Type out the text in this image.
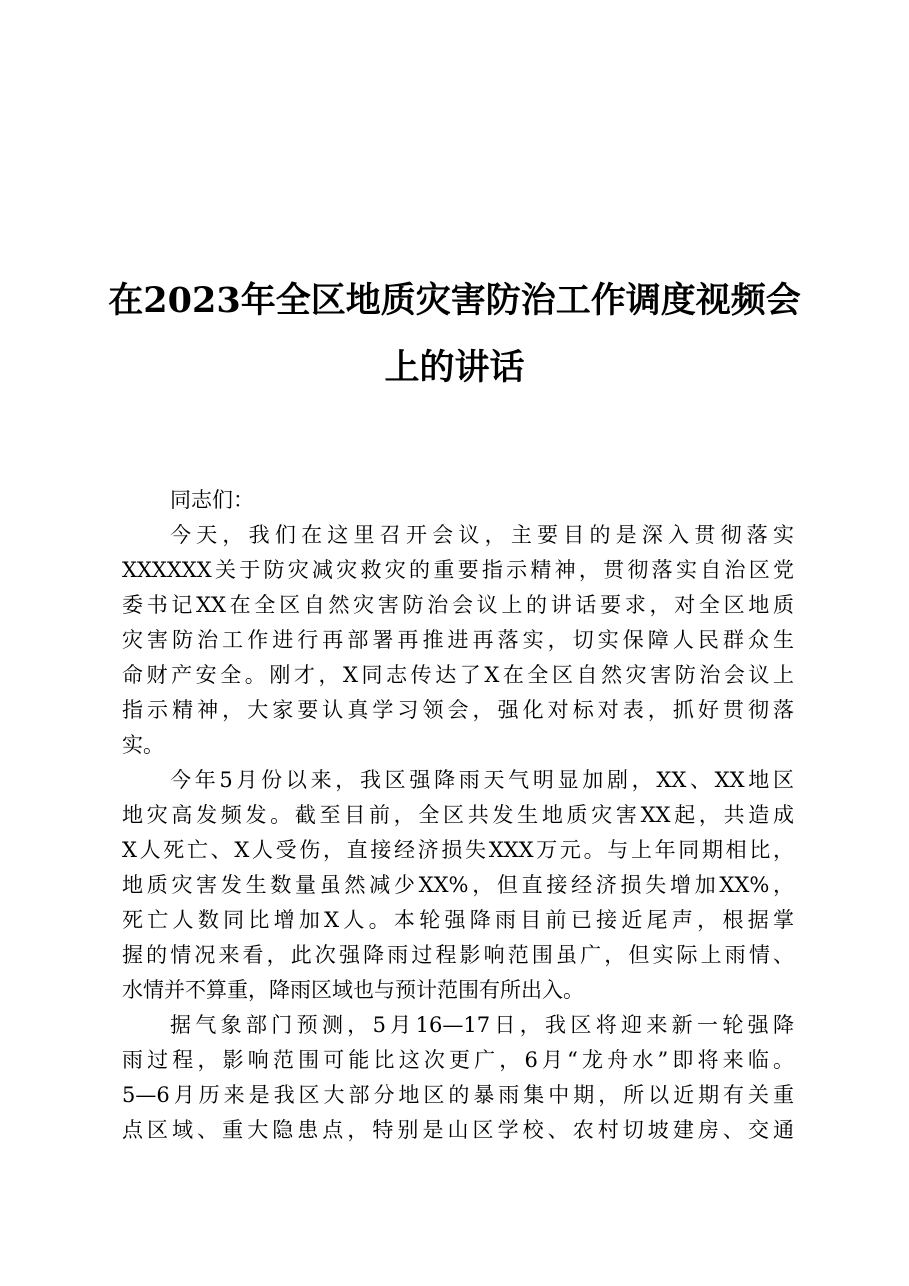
在2023年全区地质灾害防治工作调度视频会
上的讲话
同志们：
今天，我们在这里召开会议，主要目的是深入贯彻落实
XXXXXX关于防灾减灾救灾的重要指示精神，贯彻落实自治区党
委书记XX在全区自然灾害防治会议上的讲话要求，对全区地质
灾害防治工作进行再部署再推进再落实，切实保障人民群众生
命财产安全。刚才，X同志传达了X在全区自然灾害防治会议上
指示精神，大家要认真学习领会，强化对标对表，抓好贯彻落
实。
今年5月份以来，我区强降雨天气明显加剧，XX、XX地区
地灾高发频发。截至目前，全区共发生地质灾害XX起，共造成
X人死亡、X人受伤，直接经济损失XXX万元。与上年同期相比，
地质灾害发生数量虽然减少XX%，但直接经济损失增加XX%，
死亡人数同比增加X人。本轮强降雨目前已接近尾声，根据掌
握的情况来看，此次强降雨过程影响范围虽广，但实际上雨情、
水情并不算重，降雨区域也与预计范围有所出入。
据气象部门预测，5月16—17日，我区将迎来新一轮强降
雨过程，影响范围可能比这次更广，6月“龙舟水”即将来临。
5—6月历来是我区大部分地区的暴雨集中期，所以近期有关重
点区域、重大隐患点，特别是山区学校、农村切坡建房、交通
